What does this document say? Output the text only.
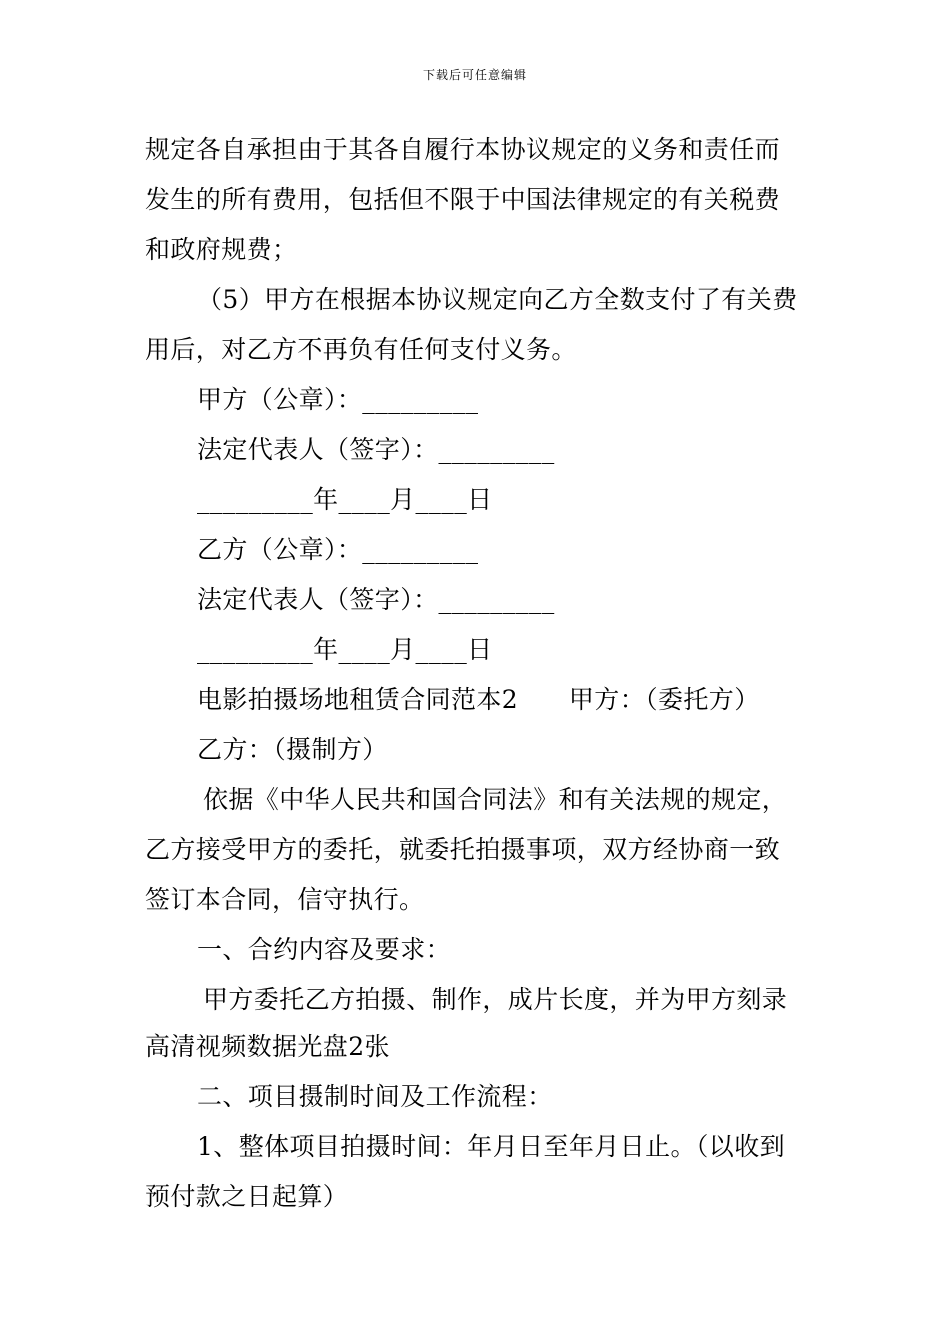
下载后可任意编辑
规定各自承担由于其各自履行本协议规定的义务和责任而
发生的所有费用，包括但不限于中国法律规定的有关税费
和政府规费；
（5）甲方在根据本协议规定向乙方全数支付了有关费
用后，对乙方不再负有任何支付义务。
甲方（公章）：_________
法定代表人（签字）：_________
_________年____月____日
乙方（公章）：_________
法定代表人（签字）：_________
_________年____月____日
电影拍摄场地租赁合同范本2　　甲方：（委托方）
乙方：（摄制方）
依据《中华人民共和国合同法》和有关法规的规定，
乙方接受甲方的委托，就委托拍摄事项，双方经协商一致
签订本合同，信守执行。
一、合约内容及要求：
甲方委托乙方拍摄、制作，成片长度，并为甲方刻录
高清视频数据光盘2张
二、项目摄制时间及工作流程：
1、整体项目拍摄时间：年月日至年月日止。（以收到
预付款之日起算）
